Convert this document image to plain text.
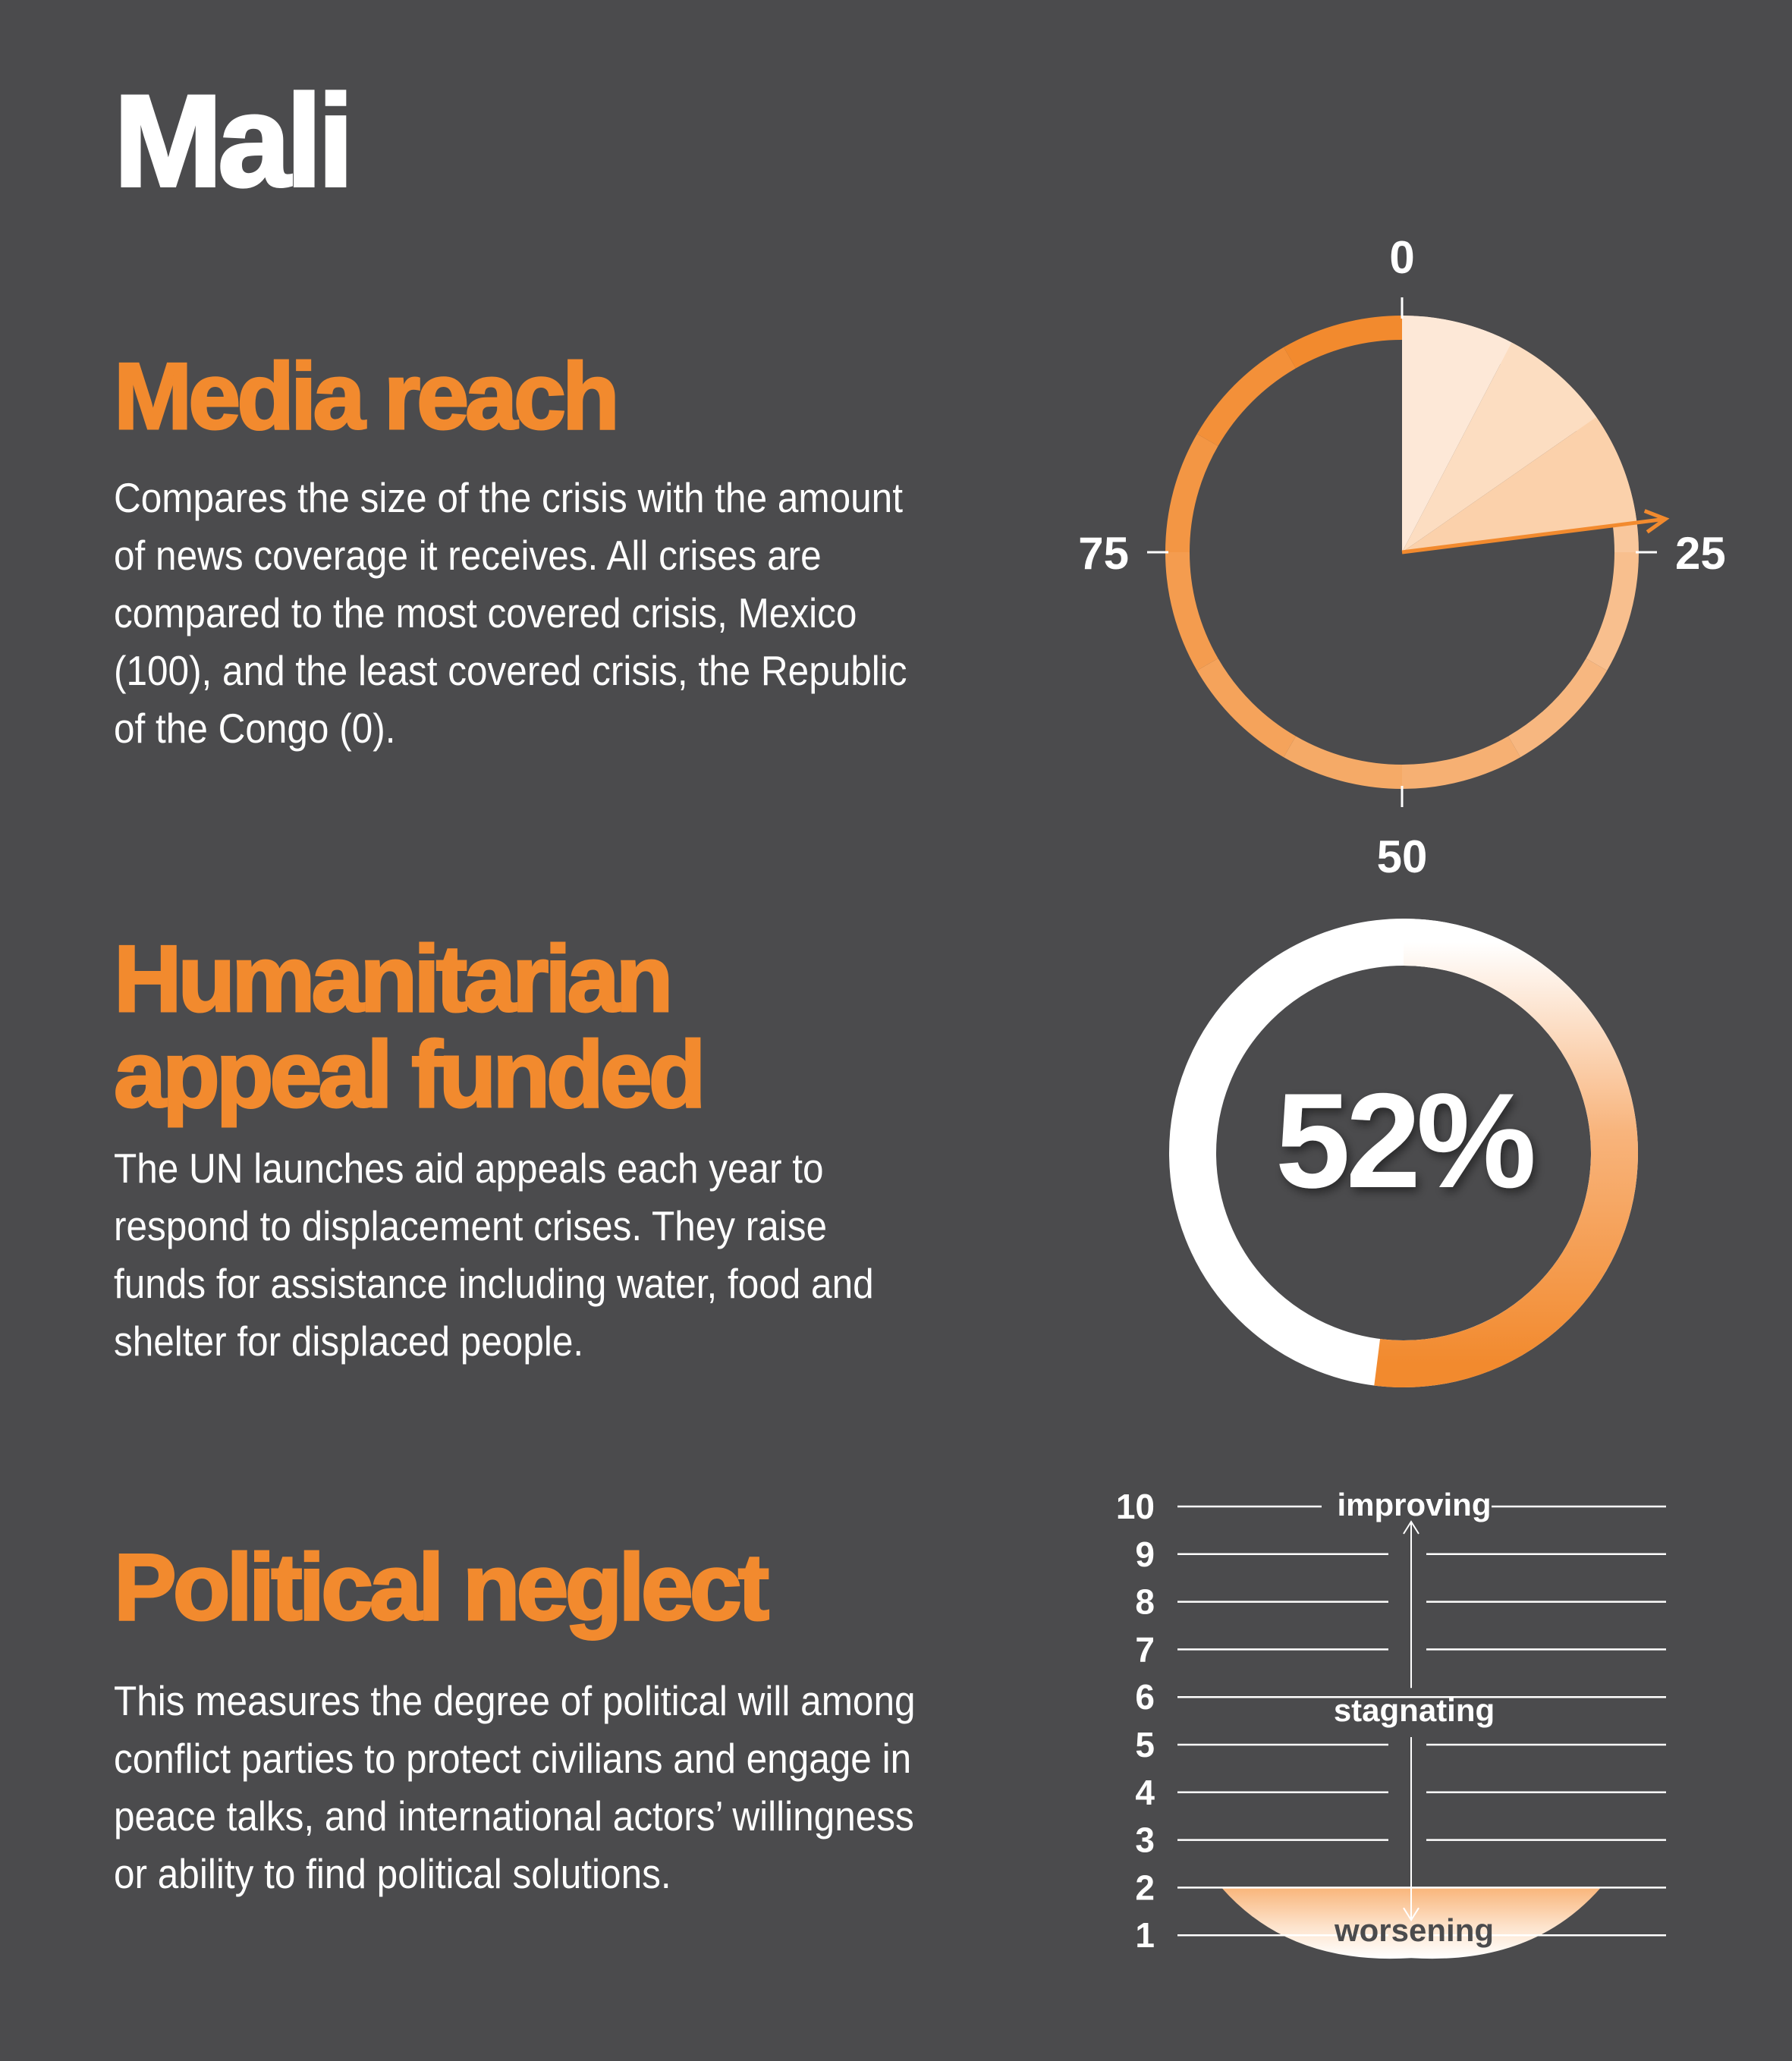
Mali
Media reach

Compares the size of the crisis with the amount of news coverage it receives. All crises are compared to the most covered crisis, Mexico (100), and the least covered crisis, the Republic of the Congo (0).

0
25
50
75
Humanitarian
appeal funded

The UN launches aid appeals each year to respond to displacement crises. They raise funds for assistance including water, food and shelter for displaced people.

52%
Political neglect

This measures the degree of political will among conflict parties to protect civilians and engage in peace talks, and international actors’ willingness or ability to find political solutions.

1
2
3
4
5
6
7
8
9
10	improving
stagnating
worsening
